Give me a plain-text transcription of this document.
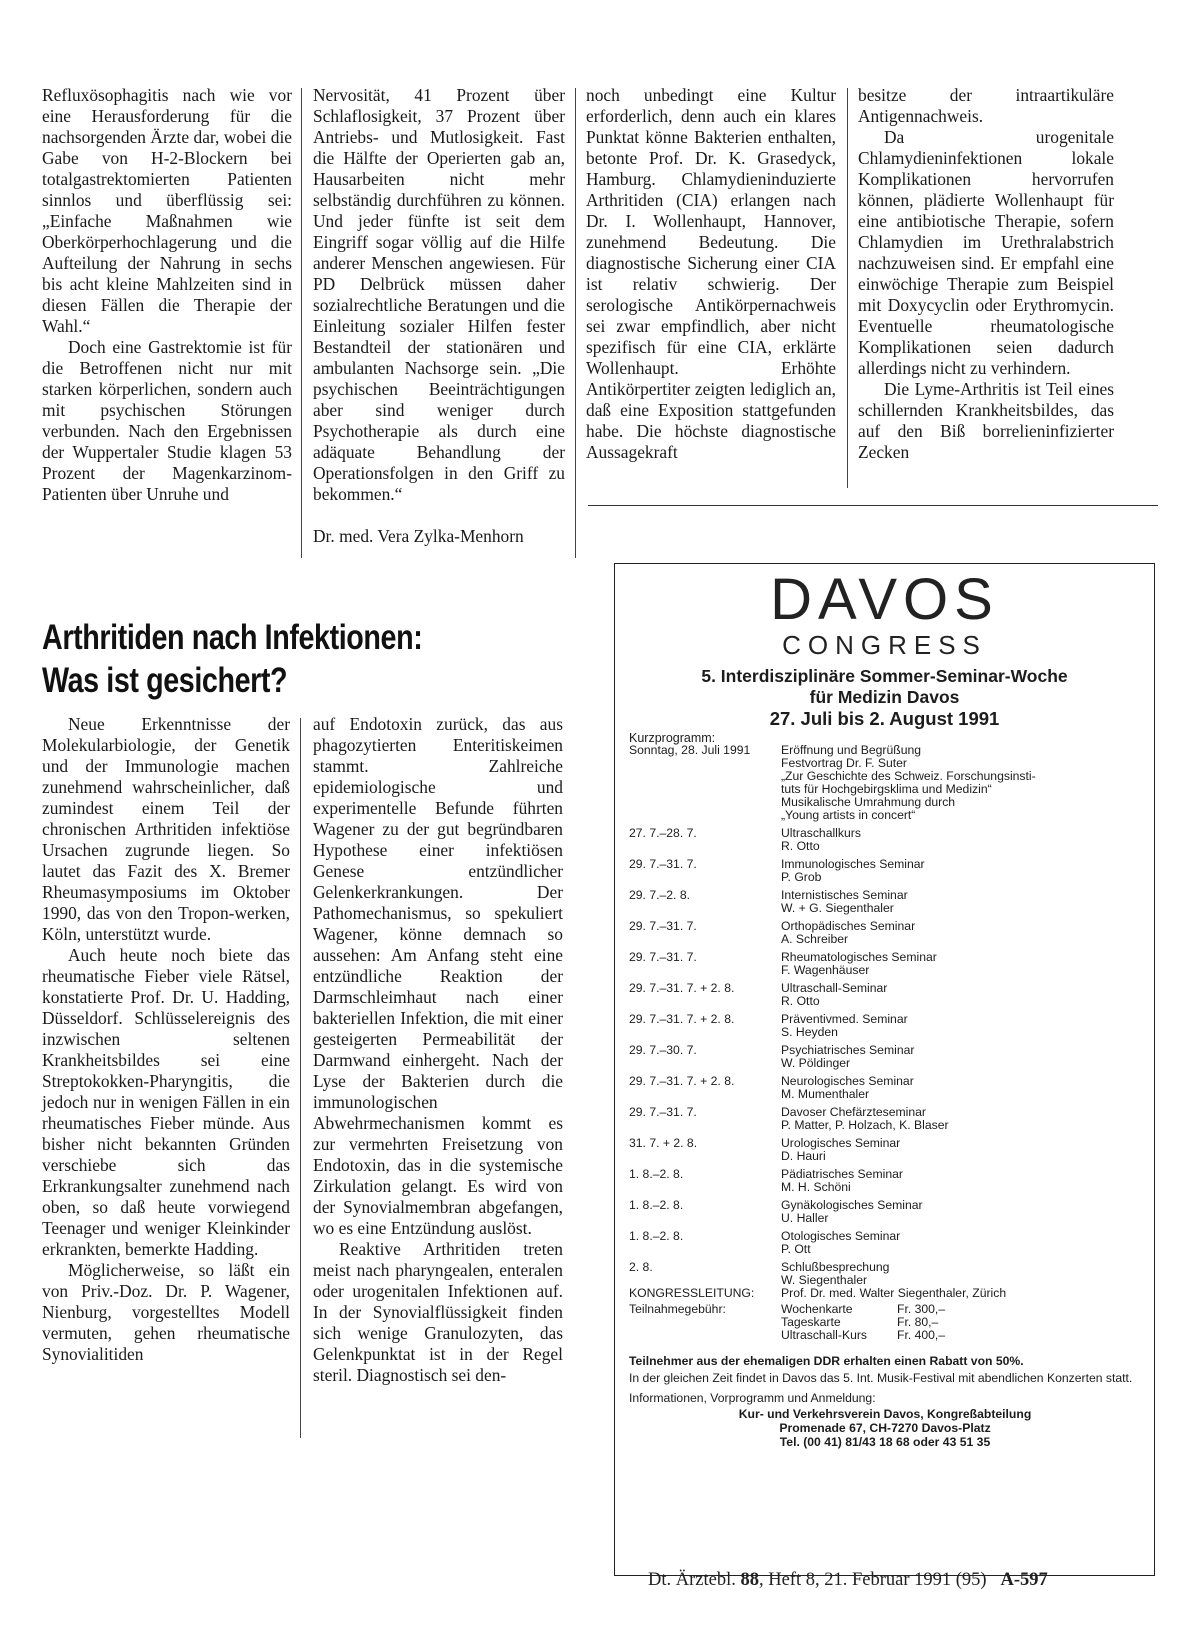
Refluxösophagitis nach wie vor eine Herausforderung für die nachsorgenden Ärzte dar, wobei die Gabe von H-2-Blockern bei totalgastrektomierten Patienten sinnlos und überflüssig sei: „Einfache Maßnahmen wie Oberkörperhochlagerung und die Aufteilung der Nahrung in sechs bis acht kleine Mahlzeiten sind in diesen Fällen die Therapie der Wahl.“

Doch eine Gastrektomie ist für die Betroffenen nicht nur mit starken körperlichen, sondern auch mit psychischen Störungen verbunden. Nach den Ergebnissen der Wuppertaler Studie klagen 53 Prozent der Magenkarzinom-Patienten über Unruhe und

Nervosität, 41 Prozent über Schlaflosigkeit, 37 Prozent über Antriebs- und Mutlosigkeit. Fast die Hälfte der Operierten gab an, Hausarbeiten nicht mehr selbständig durchführen zu können. Und jeder fünfte ist seit dem Eingriff sogar völlig auf die Hilfe anderer Menschen angewiesen. Für PD Delbrück müssen daher sozialrechtliche Beratungen und die Einleitung sozialer Hilfen fester Bestandteil der stationären und ambulanten Nachsorge sein. „Die psychischen Beeinträchtigungen aber sind weniger durch Psychotherapie als durch eine adäquate Behandlung der Operationsfolgen in den Griff zu bekommen.“

Dr. med. Vera Zylka-Menhorn

noch unbedingt eine Kultur erforderlich, denn auch ein klares Punktat könne Bakterien enthalten, betonte Prof. Dr. K. Grasedyck, Hamburg. Chlamydieninduzierte Arthritiden (CIA) erlangen nach Dr. I. Wollenhaupt, Hannover, zunehmend Bedeutung. Die diagnostische Sicherung einer CIA ist relativ schwierig. Der serologische Antikörpernachweis sei zwar empfindlich, aber nicht spezifisch für eine CIA, erklärte Wollenhaupt. Erhöhte Antikörpertiter zeigten lediglich an, daß eine Exposition stattgefunden habe. Die höchste diagnostische Aussagekraft

besitze der intraartikuläre Antigennachweis.

Da urogenitale Chlamydieninfektionen lokale Komplikationen hervorrufen können, plädierte Wollenhaupt für eine antibiotische Therapie, sofern Chlamydien im Urethralabstrich nachzuweisen sind. Er empfahl eine einwöchige Therapie zum Beispiel mit Doxycyclin oder Erythromycin. Eventuelle rheumatologische Komplikationen seien dadurch allerdings nicht zu verhindern.

Die Lyme-Arthritis ist Teil eines schillernden Krankheitsbildes, das auf den Biß borrelieninfizierter Zecken

Arthritiden nach Infektionen:
Was ist gesichert?

Neue Erkenntnisse der Molekularbiologie, der Genetik und der Immunologie machen zunehmend wahrscheinlicher, daß zumindest einem Teil der chronischen Arthritiden infektiöse Ursachen zugrunde liegen. So lautet das Fazit des X. Bremer Rheumasymposiums im Oktober 1990, das von den Tropon-werken, Köln, unterstützt wurde.

Auch heute noch biete das rheumatische Fieber viele Rätsel, konstatierte Prof. Dr. U. Hadding, Düsseldorf. Schlüsselereignis des inzwischen seltenen Krankheitsbildes sei eine Streptokokken-Pharyngitis, die jedoch nur in wenigen Fällen in ein rheumatisches Fieber münde. Aus bisher nicht bekannten Gründen verschiebe sich das Erkrankungsalter zunehmend nach oben, so daß heute vorwiegend Teenager und weniger Kleinkinder erkrankten, bemerkte Hadding.

Möglicherweise, so läßt ein von Priv.-Doz. Dr. P. Wagener, Nienburg, vorgestelltes Modell vermuten, gehen rheumatische Synovialitiden

auf Endotoxin zurück, das aus phagozytierten Enteritiskeimen stammt. Zahlreiche epidemiologische und experimentelle Befunde führten Wagener zu der gut begründbaren Hypothese einer infektiösen Genese entzündlicher Gelenkerkrankungen. Der Pathomechanismus, so spekuliert Wagener, könne demnach so aussehen: Am Anfang steht eine entzündliche Reaktion der Darmschleimhaut nach einer bakteriellen Infektion, die mit einer gesteigerten Permeabilität der Darmwand einhergeht. Nach der Lyse der Bakterien durch die immunologischen Abwehrmechanismen kommt es zur vermehrten Freisetzung von Endotoxin, das in die systemische Zirkulation gelangt. Es wird von der Synovialmembran abgefangen, wo es eine Entzündung auslöst.

Reaktive Arthritiden treten meist nach pharyngealen, enteralen oder urogenitalen Infektionen auf. In der Synovialflüssigkeit finden sich wenige Granulozyten, das Gelenkpunktat ist in der Regel steril. Diagnostisch sei den-

DAVOS
CONGRESS
5. Interdisziplinäre Sommer-Seminar-Woche
für Medizin Davos
27. Juli bis 2. August 1991
Kurzprogramm:
Sonntag, 28. Juli 1991	Eröffnung und Begrüßung
Festvortrag Dr. F. Suter
„Zur Geschichte des Schweiz. Forschungsinsti-
tuts für Hochgebirgsklima und Medizin“
Musikalische Umrahmung durch
„Young artists in concert“
27. 7.–28. 7.	Ultraschallkurs
R. Otto
29. 7.–31. 7.	Immunologisches Seminar
P. Grob
29. 7.–2. 8.	Internistisches Seminar
W. + G. Siegenthaler
29. 7.–31. 7.	Orthopädisches Seminar
A. Schreiber
29. 7.–31. 7.	Rheumatologisches Seminar
F. Wagenhäuser
29. 7.–31. 7. + 2. 8.	Ultraschall-Seminar
R. Otto
29. 7.–31. 7. + 2. 8.	Präventivmed. Seminar
S. Heyden
29. 7.–30. 7.	Psychiatrisches Seminar
W. Pöldinger
29. 7.–31. 7. + 2. 8.	Neurologisches Seminar
M. Mumenthaler
29. 7.–31. 7.	Davoser Chefärzteseminar
P. Matter, P. Holzach, K. Blaser
31. 7. + 2. 8.	Urologisches Seminar
D. Hauri
1. 8.–2. 8.	Pädiatrisches Seminar
M. H. Schöni
1. 8.–2. 8.	Gynäkologisches Seminar
U. Haller
1. 8.–2. 8.	Otologisches Seminar
P. Ott
2. 8.	Schlußbesprechung
W. Siegenthaler
KONGRESSLEITUNG:	Prof. Dr. med. Walter Siegenthaler, Zürich
Teilnahmegebühr:	Wochenkarte	Fr. 300,–
Tageskarte	Fr. 80,–
Ultraschall-Kurs	Fr. 400,–
Teilnehmer aus der ehemaligen DDR erhalten einen Rabatt von 50%.
In der gleichen Zeit findet in Davos das 5. Int. Musik-Festival mit abendlichen Konzerten statt.
Informationen, Vorprogramm und Anmeldung:
Kur- und Verkehrsverein Davos, Kongreßabteilung
Promenade 67, CH-7270 Davos-Platz
Tel. (00 41) 81/43 18 68 oder 43 51 35
Dt. Ärztebl. 88, Heft 8, 21. Februar 1991 (95) A-597
